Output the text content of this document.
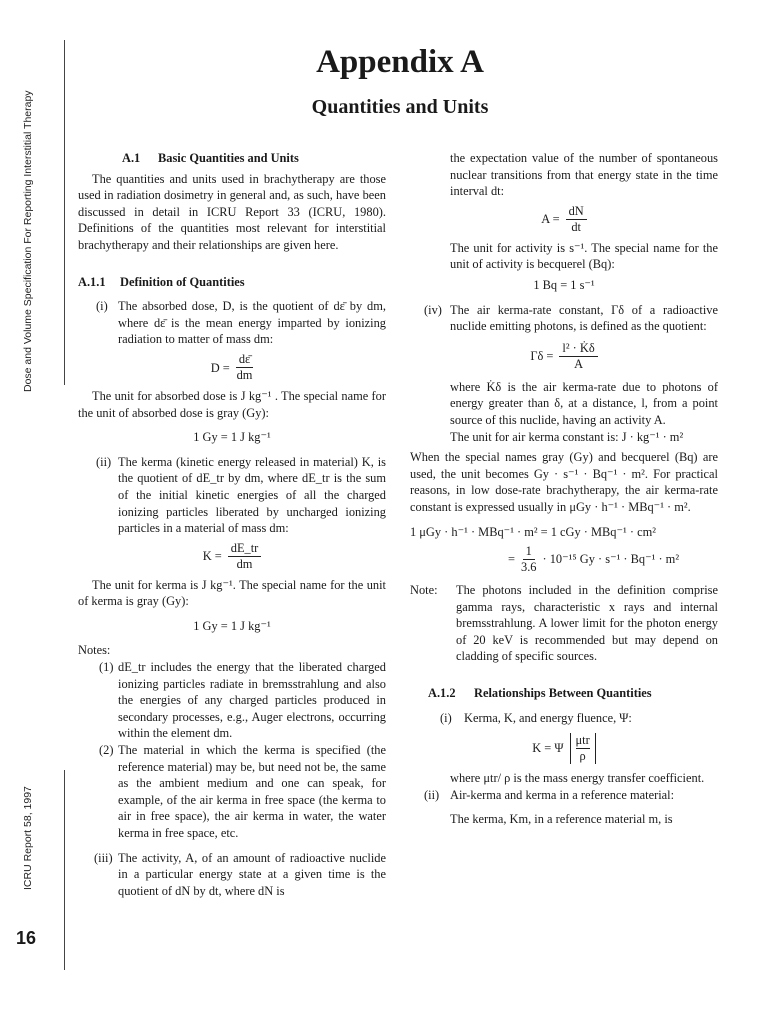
Dose and Volume Specification For Reporting Interstitial Therapy
ICRU Report 58, 1997
16
Appendix A
Quantities and Units
A.1 Basic Quantities and Units

The quantities and units used in brachytherapy are those used in radiation dosimetry in general and, as such, have been discussed in detail in ICRU Report 33 (ICRU, 1980). Definitions of the quantities most relevant for interstitial brachytherapy and their relationships are given here.

A.1.1 Definition of Quantities

(i) The absorbed dose, D, is the quotient of dε̄ by dm, where dε̄ is the mean energy imparted by ionizing radiation to matter of mass dm:

$D = \frac{d\varepsilon̄}{dm}$

The unit for absorbed dose is J kg⁻¹ . The special name for the unit of absorbed dose is gray (Gy):

1 Gy = 1 J kg⁻¹

(ii) The kerma (kinetic energy released in material) K, is the quotient of dE_tr by dm, where dE_tr is the sum of the initial kinetic energies of all the charged ionizing particles liberated by uncharged ionizing particles in a material of mass dm:

$K = \frac{dE\_tr}{dm}$

The unit for kerma is J kg⁻¹. The special name for the unit of kerma is gray (Gy):

1 Gy = 1 J kg⁻¹
Notes:

(1) dE_tr includes the energy that the liberated charged ionizing particles radiate in bremsstrahlung and also the energies of any charged particles produced in secondary processes, e.g., Auger electrons, occurring within the element dm.

(2) The material in which the kerma is specified (the reference material) may be, but need not be, the same as the ambient medium and one can speak, for example, of the air kerma in free space (the kerma to air in free space), the air kerma in water, the water kerma in free space, etc.

(iii) The activity, A, of an amount of radioactive nuclide in a particular energy state at a given time is the quotient of dN by dt, where dN is

the expectation value of the number of spontaneous nuclear transitions from that energy state in the time interval dt:

$A = \frac{dN}{dt}$

The unit for activity is s⁻¹. The special name for the unit of activity is becquerel (Bq):

1 Bq = 1 s⁻¹

(iv) The air kerma-rate constant, Γδ of a radioactive nuclide emitting photons, is defined as the quotient:

$\Gamma\delta = \frac{\text{l² · K̇δ}}{A}$

where K̇δ is the air kerma-rate due to photons of energy greater than δ, at a distance, l, from a point source of this nuclide, having an activity A.

The unit for air kerma constant is: J · kg⁻¹ · m²

When the special names gray (Gy) and becquerel (Bq) are used, the unit becomes Gy · s⁻¹ · Bq⁻¹ · m². For practical reasons, in low dose-rate brachytherapy, the air kerma-rate constant is expressed usually in μGy · h⁻¹ · MBq⁻¹ · m².

1 μGy · h⁻¹ · MBq⁻¹ · m² = 1 cGy · MBq⁻¹ · cm²
= $\frac{1}{3.6} \cdot 10^{-15}$ Gy · s⁻¹ · Bq⁻¹ · m²
Note:	The photons included in the definition comprise gamma rays, characteristic x rays and internal bremsstrahlung. A lower limit for the photon energy of 20 keV is recommended but may depend on cladding of specific sources.
A.1.2 Relationships Between Quantities

(i) Kerma, K, and energy fluence, Ψ:

K = Ψ
μtr
ρ

where μtr/ ρ is the mass energy transfer coefficient.

(ii) Air-kerma and kerma in a reference material:

The kerma, Km, in a reference material m, is
